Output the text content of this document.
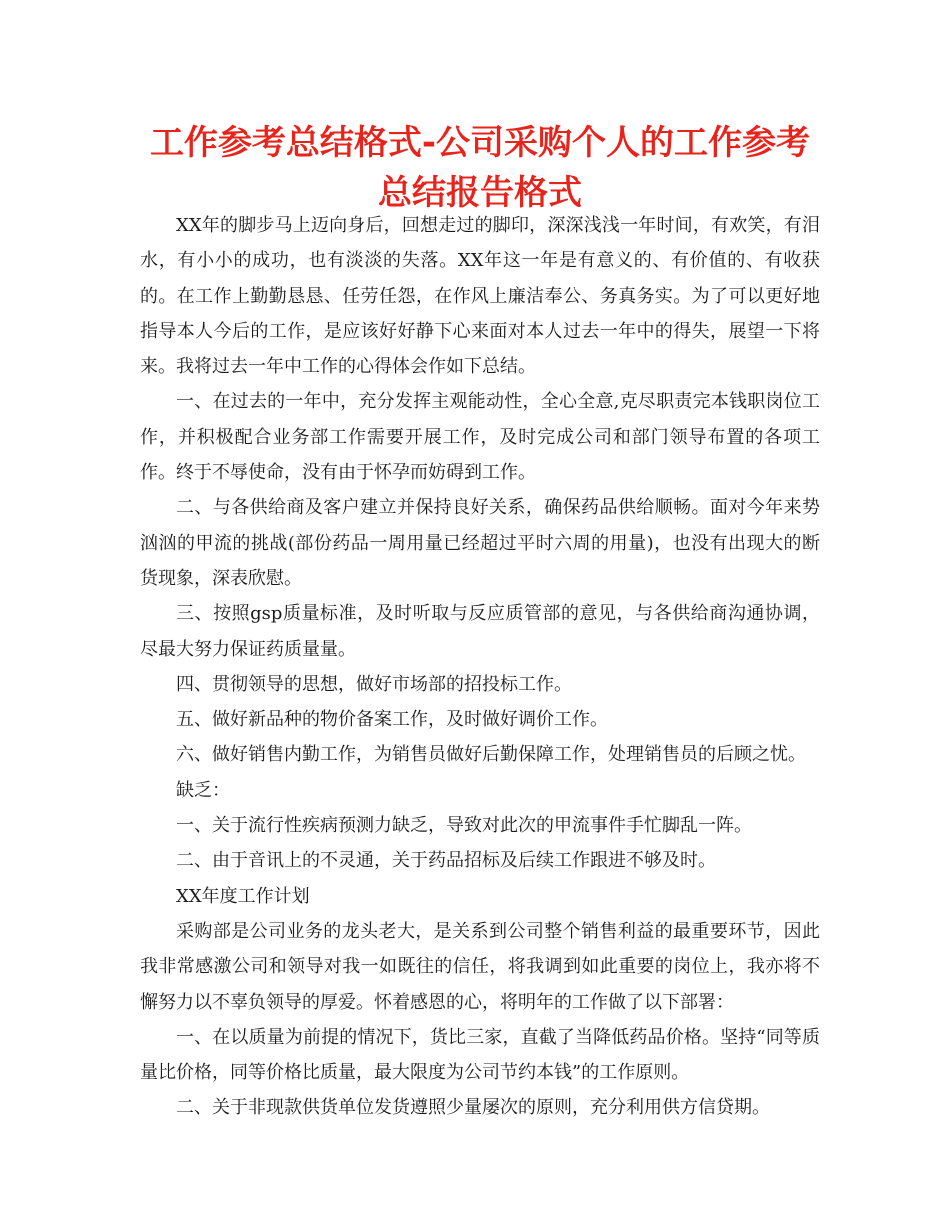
工作参考总结格式-公司采购个人的工作参考总结报告格式

XX年的脚步马上迈向身后，回想走过的脚印，深深浅浅一年时间，有欢笑，有泪水，有小小的成功，也有淡淡的失落。XX年这一年是有意义的、有价值的、有收获的。在工作上勤勤恳恳、任劳任怨，在作风上廉洁奉公、务真务实。为了可以更好地指导本人今后的工作，是应该好好静下心来面对本人过去一年中的得失，展望一下将来。我将过去一年中工作的心得体会作如下总结。

一、在过去的一年中，充分发挥主观能动性，全心全意,克尽职责完本钱职岗位工作，并积极配合业务部工作需要开展工作，及时完成公司和部门领导布置的各项工作。终于不辱使命，没有由于怀孕而妨碍到工作。

二、与各供给商及客户建立并保持良好关系，确保药品供给顺畅。面对今年来势汹汹的甲流的挑战(部份药品一周用量已经超过平时六周的用量)，也没有出现大的断货现象，深表欣慰。

三、按照gsp质量标准，及时听取与反应质管部的意见，与各供给商沟通协调，尽最大努力保证药质量量。

四、贯彻领导的思想，做好市场部的招投标工作。

五、做好新品种的物价备案工作，及时做好调价工作。

六、做好销售内勤工作，为销售员做好后勤保障工作，处理销售员的后顾之忧。

缺乏：

一、关于流行性疾病预测力缺乏，导致对此次的甲流事件手忙脚乱一阵。

二、由于音讯上的不灵通，关于药品招标及后续工作跟进不够及时。

XX年度工作计划

采购部是公司业务的龙头老大，是关系到公司整个销售利益的最重要环节，因此我非常感激公司和领导对我一如既往的信任，将我调到如此重要的岗位上，我亦将不懈努力以不辜负领导的厚爱。怀着感恩的心，将明年的工作做了以下部署：

一、在以质量为前提的情况下，货比三家，直截了当降低药品价格。坚持“同等质量比价格，同等价格比质量，最大限度为公司节约本钱”的工作原则。

二、关于非现款供货单位发货遵照少量屡次的原则，充分利用供方信贷期。
